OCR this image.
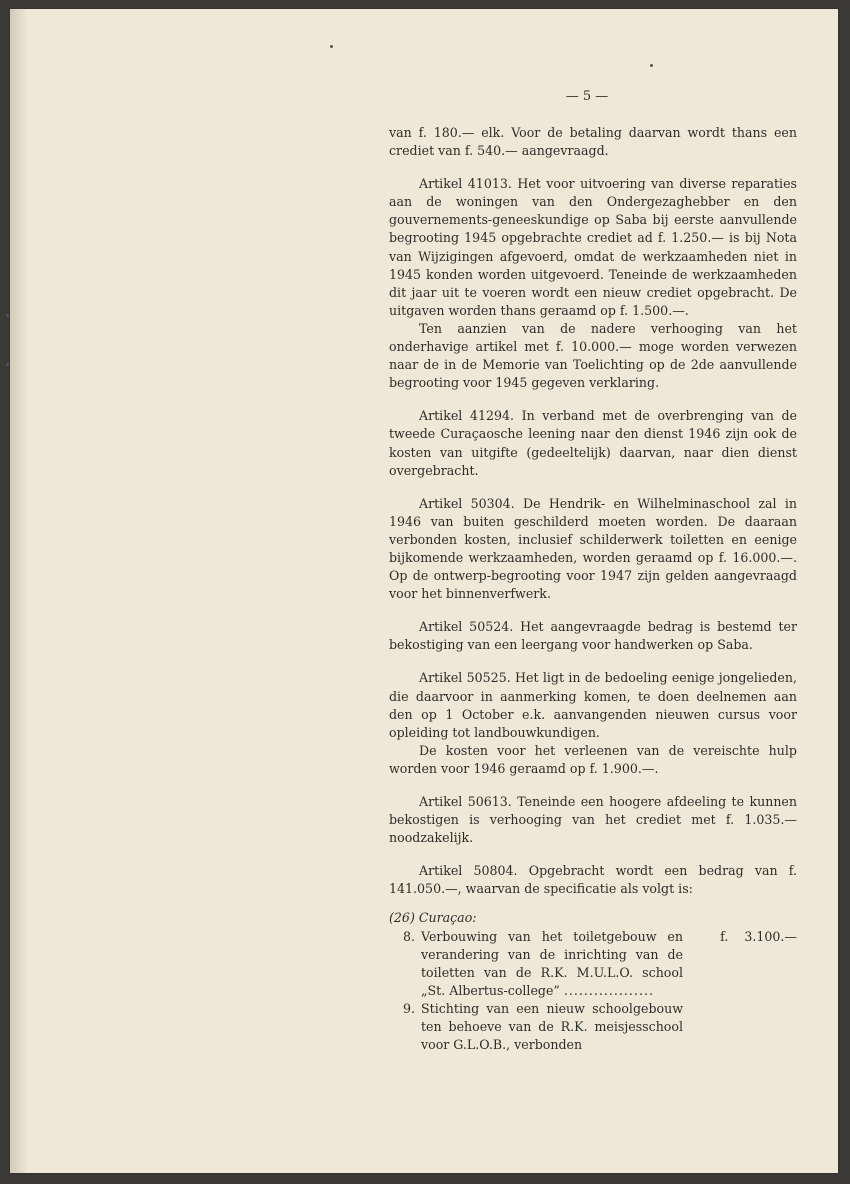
— 5 —

van f. 180.— elk. Voor de betaling daarvan wordt thans een crediet van f. 540.— aangevraagd.

Artikel 41013. Het voor uitvoering van diverse reparaties aan de woningen van den Ondergezaghebber en den gouvernements-geneeskundige op Saba bij eerste aanvullende begrooting 1945 opgebrachte crediet ad f. 1.250.— is bij Nota van Wijzigingen afgevoerd, omdat de werkzaamheden niet in 1945 konden worden uitgevoerd. Teneinde de werkzaamheden dit jaar uit te voeren wordt een nieuw crediet opgebracht. De uitgaven worden thans geraamd op f. 1.500.—.

Ten aanzien van de nadere verhooging van het onderhavige artikel met f. 10.000.— moge worden verwezen naar de in de Memorie van Toelichting op de 2de aanvullende begrooting voor 1945 gegeven verklaring.

Artikel 41294. In verband met de overbrenging van de tweede Curaçaosche leening naar den dienst 1946 zijn ook de kosten van uitgifte (gedeeltelijk) daarvan, naar dien dienst overgebracht.

Artikel 50304. De Hendrik- en Wilhelminaschool zal in 1946 van buiten geschilderd moeten worden. De daaraan verbonden kosten, inclusief schilderwerk toiletten en eenige bijkomende werkzaamheden, worden geraamd op f. 16.000.—. Op de ontwerp-begrooting voor 1947 zijn gelden aangevraagd voor het binnenverfwerk.

Artikel 50524. Het aangevraagde bedrag is bestemd ter bekostiging van een leergang voor handwerken op Saba.

Artikel 50525. Het ligt in de bedoeling eenige jongelieden, die daarvoor in aanmerking komen, te doen deelnemen aan den op 1 October e.k. aanvangenden nieuwen cursus voor opleiding tot landbouwkundigen.

De kosten voor het verleenen van de vereischte hulp worden voor 1946 geraamd op f. 1.900.—.

Artikel 50613. Teneinde een hoogere afdeeling te kunnen bekostigen is verhooging van het crediet met f. 1.035.— noodzakelijk.

Artikel 50804. Opgebracht wordt een bedrag van f. 141.050.—, waarvan de specificatie als volgt is:

(26) Curaçao:
8. Verbouwing van het toiletgebouw en verandering van de inrichting van de toiletten van de R.K. M.U.L.O. school „St. Albertus-college” ..................
f. 3.100.—
9. Stichting van een nieuw schoolgebouw ten behoeve van de R.K. meisjesschool voor G.L.O.B., verbonden
